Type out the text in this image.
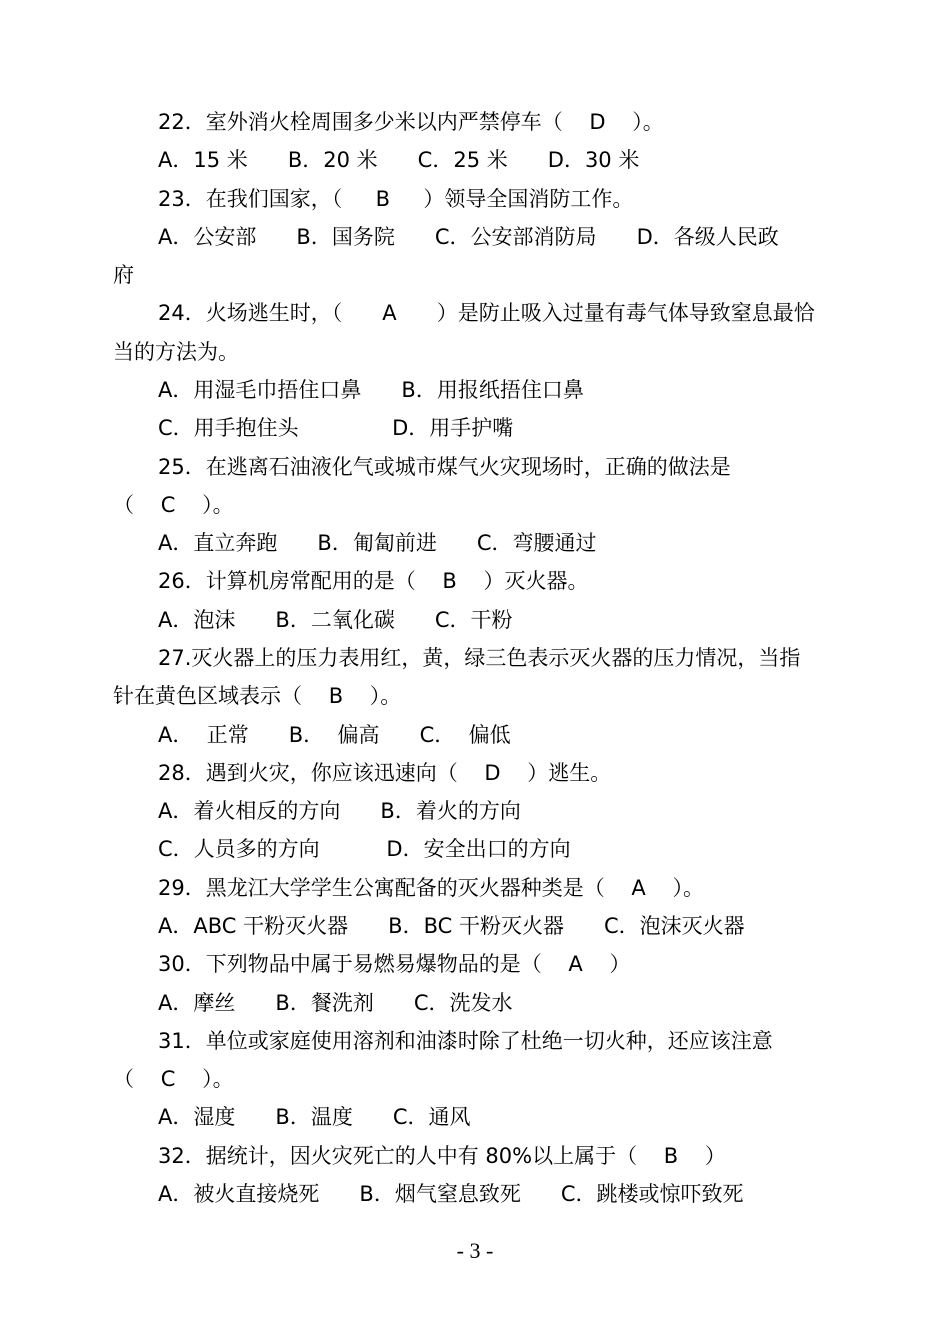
22．室外消火栓周围多少米以内严禁停车（    D    ）。
A．15 米      B．20 米      C．25 米      D．30 米
23．在我们国家，（     B     ）领导全国消防工作。
A．公安部      B．国务院      C．公安部消防局      D．各级人民政
府
24．火场逃生时，（      A      ）是防止吸入过量有毒气体导致窒息最恰
当的方法为。
A．用湿毛巾捂住口鼻      B．用报纸捂住口鼻
C．用手抱住头              D．用手护嘴
25．在逃离石油液化气或城市煤气火灾现场时，正确的做法是
（    C    ）。
A．直立奔跑      B．匍匐前进      C．弯腰通过
26．计算机房常配用的是（    B    ）灭火器。
A．泡沫      B．二氧化碳      C．干粉
27.灭火器上的压力表用红，黄，绿三色表示灭火器的压力情况，当指
针在黄色区域表示（    B    ）。
A．  正常      B．  偏高      C．  偏低
28．遇到火灾，你应该迅速向（    D    ）逃生。
A．着火相反的方向      B．着火的方向
C．人员多的方向          D．安全出口的方向
29．黑龙江大学学生公寓配备的灭火器种类是（    A    ）。
A．ABC 干粉灭火器      B．BC 干粉灭火器      C．泡沫灭火器
30．下列物品中属于易燃易爆物品的是（    A    ）
A．摩丝      B．餐洗剂      C．洗发水
31．单位或家庭使用溶剂和油漆时除了杜绝一切火种，还应该注意
（    C    ）。
A．湿度      B．温度      C．通风
32．据统计，因火灾死亡的人中有 80%以上属于（    B    ）
A．被火直接烧死      B．烟气窒息致死      C．跳楼或惊吓致死
- 3 -
